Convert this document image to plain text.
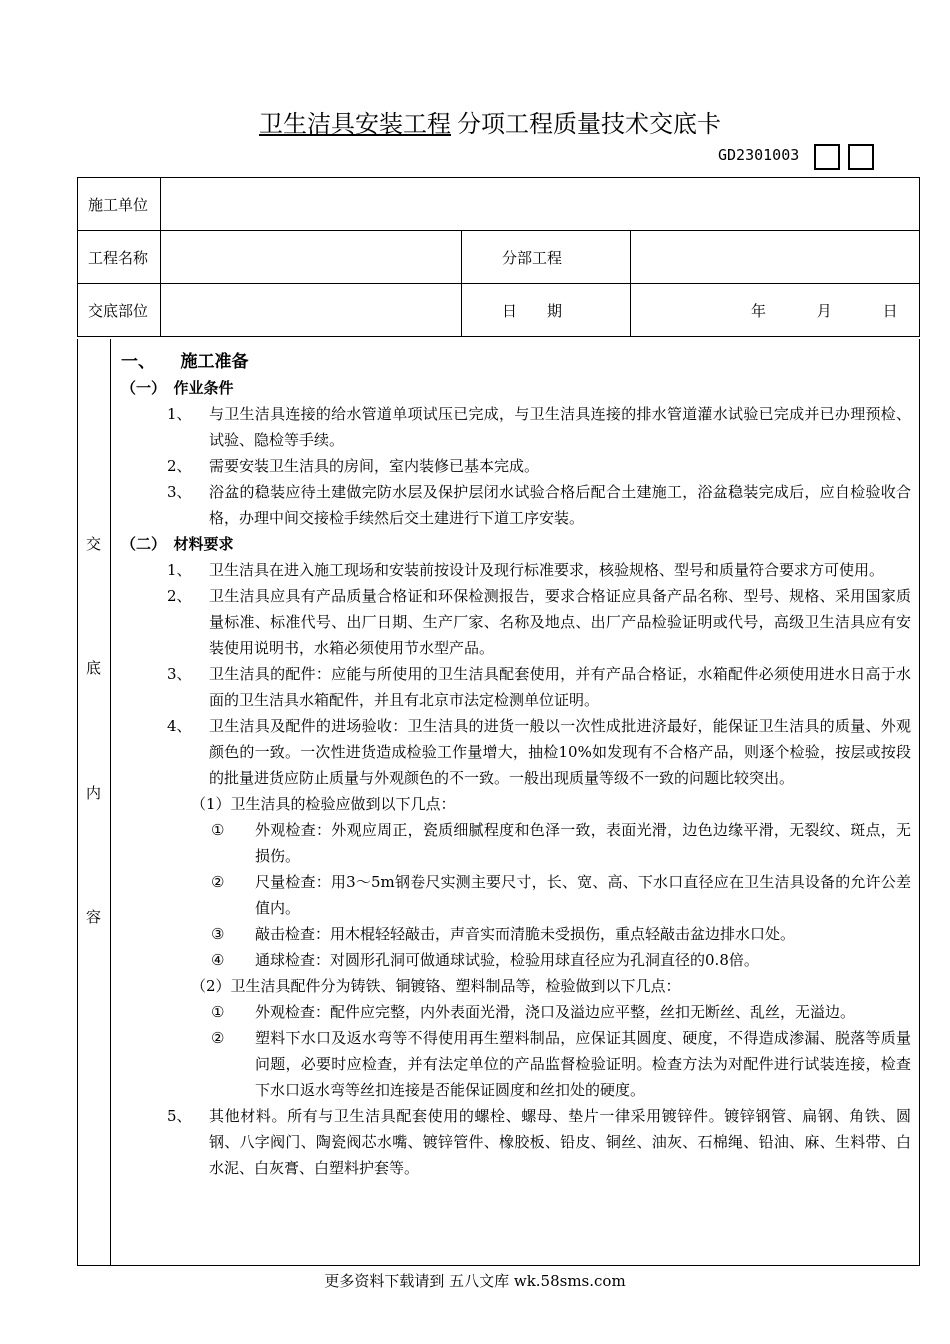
卫生洁具安装工程 分项工程质量技术交底卡
GD2301003
施工单位			
工程名称		分部工程	
交底部位		日　　期	年 月 日
交
底
内
容
一、　　施工准备
（一）　作业条件
1、	与卫生洁具连接的给水管道单项试压已完成，与卫生洁具连接的排水管道灌水试验已完成并已办理预检、试验、隐检等手续。
2、	需要安装卫生洁具的房间，室内装修已基本完成。
3、	浴盆的稳装应待土建做完防水层及保护层闭水试验合格后配合土建施工，浴盆稳装完成后，应自检验收合格，办理中间交接检手续然后交土建进行下道工序安装。
（二）　材料要求
1、	卫生洁具在进入施工现场和安装前按设计及现行标准要求，核验规格、型号和质量符合要求方可使用。
2、	卫生洁具应具有产品质量合格证和环保检测报告，要求合格证应具备产品名称、型号、规格、采用国家质量标准、标准代号、出厂日期、生产厂家、名称及地点、出厂产品检验证明或代号，高级卫生洁具应有安装使用说明书，水箱必须使用节水型产品。
3、	卫生洁具的配件：应能与所使用的卫生洁具配套使用，并有产品合格证，水箱配件必须使用进水日高于水面的卫生洁具水箱配件，并且有北京市法定检测单位证明。
4、	卫生洁具及配件的进场验收：卫生洁具的进货一般以一次性成批进济最好，能保证卫生洁具的质量、外观颜色的一致。一次性进货造成检验工作量增大，抽检10%如发现有不合格产品，则逐个检验，按层或按段的批量进货应防止质量与外观颜色的不一致。一般出现质量等级不一致的问题比较突出。
（1）卫生洁具的检验应做到以下几点：
①	外观检查：外观应周正，瓷质细腻程度和色泽一致，表面光滑，边色边缘平滑，无裂纹、斑点，无损伤。
②	尺量检查：用3～5m钢卷尺实测主要尺寸，长、宽、高、下水口直径应在卫生洁具设备的允许公差值内。
③	敲击检查：用木棍轻轻敲击，声音实而清脆未受损伤，重点轻敲击盆边排水口处。
④	通球检查：对圆形孔洞可做通球试验，检验用球直径应为孔洞直径的0.8倍。
（2）卫生洁具配件分为铸铁、铜镀铬、塑料制品等，检验做到以下几点：
①	外观检查：配件应完整，内外表面光滑，浇口及溢边应平整，丝扣无断丝、乱丝，无溢边。
②	塑料下水口及返水弯等不得使用再生塑料制品，应保证其圆度、硬度，不得造成渗漏、脱落等质量问题，必要时应检查，并有法定单位的产品监督检验证明。检查方法为对配件进行试装连接，检查下水口返水弯等丝扣连接是否能保证圆度和丝扣处的硬度。
5、	其他材料。所有与卫生洁具配套使用的螺栓、螺母、垫片一律采用镀锌件。镀锌钢管、扁钢、角铁、圆钢、八字阀门、陶瓷阀芯水嘴、镀锌管件、橡胶板、铅皮、铜丝、油灰、石棉绳、铅油、麻、生料带、白水泥、白灰膏、白塑料护套等。
更多资料下载请到 五八文库 wk.58sms.com
